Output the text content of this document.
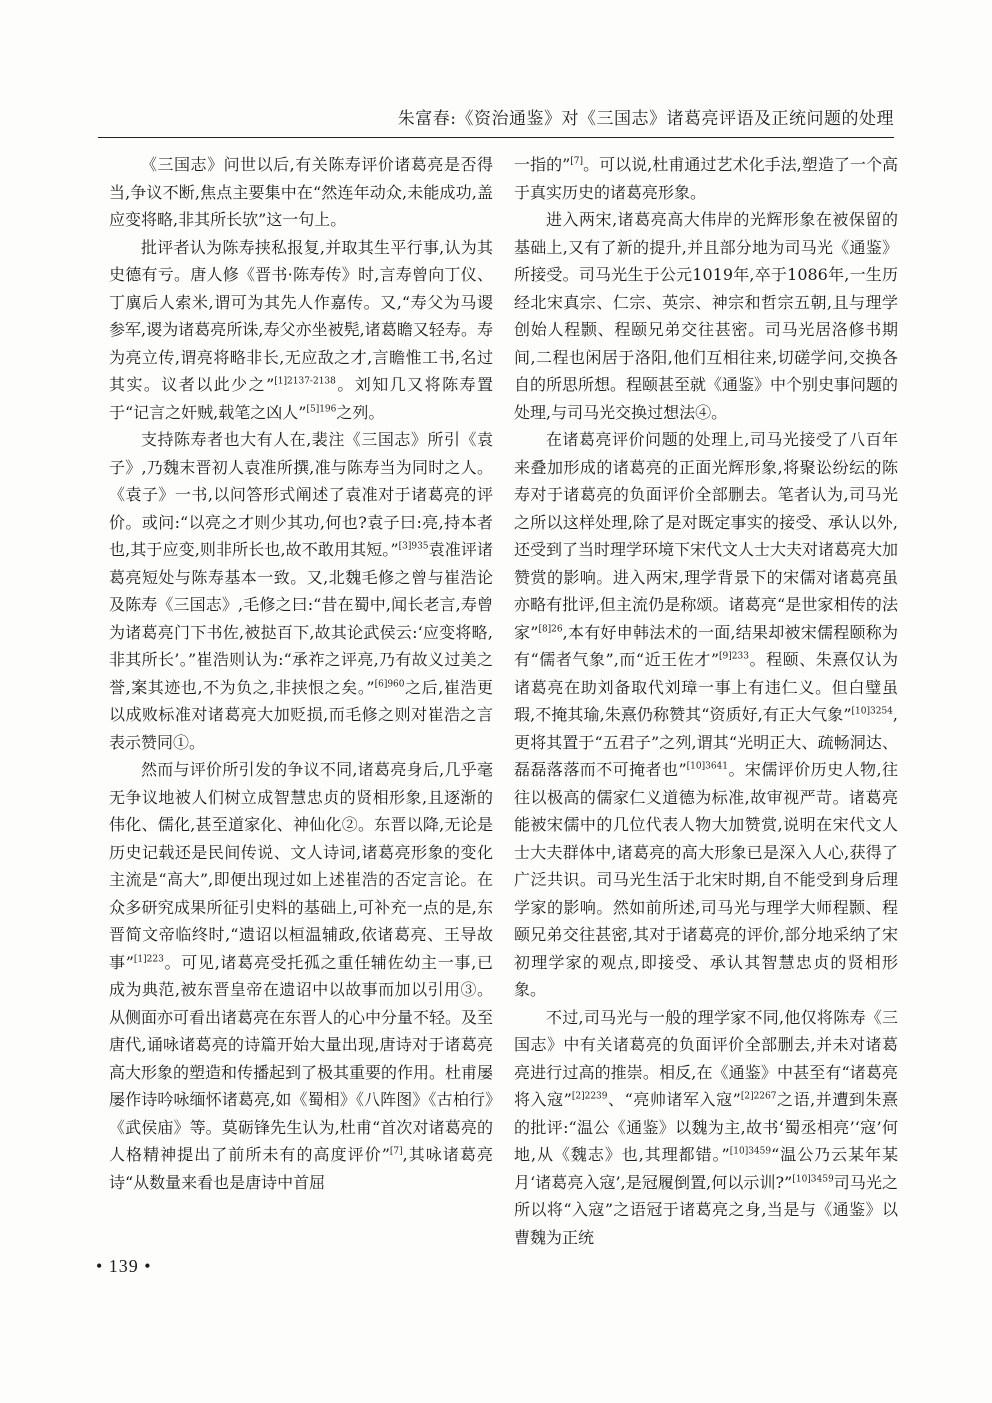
朱富春:《资治通鉴》对《三国志》诸葛亮评语及正统问题的处理

《三国志》问世以后,有关陈寿评价诸葛亮是否得当,争议不断,焦点主要集中在“然连年动众,未能成功,盖应变将略,非其所长欤”这一句上。

批评者认为陈寿挟私报复,并取其生平行事,认为其史德有亏。唐人修《晋书·陈寿传》时,言寿曾向丁仪、丁廙后人索米,谓可为其先人作嘉传。又,“寿父为马谡参军,谡为诸葛亮所诛,寿父亦坐被髡,诸葛瞻又轻寿。寿为亮立传,谓亮将略非长,无应敌之才,言瞻惟工书,名过其实。议者以此少之”$^{[1]2137-2138}$。刘知几又将陈寿置于“记言之奸贼,载笔之凶人”$^{[5]196}$之列。

支持陈寿者也大有人在,裴注《三国志》所引《袁子》,乃魏末晋初人袁准所撰,准与陈寿当为同时之人。《袁子》一书,以问答形式阐述了袁准对于诸葛亮的评价。或问:“以亮之才则少其功,何也?袁子曰:亮,持本者也,其于应变,则非所长也,故不敢用其短。”$^{[3]935}$袁准评诸葛亮短处与陈寿基本一致。又,北魏毛修之曾与崔浩论及陈寿《三国志》,毛修之曰:“昔在蜀中,闻长老言,寿曾为诸葛亮门下书佐,被挞百下,故其论武侯云:‘应变将略,非其所长’。”崔浩则认为:“承祚之评亮,乃有故义过美之誉,案其迹也,不为负之,非挟恨之矣。”$^{[6]960}$之后,崔浩更以成败标准对诸葛亮大加贬损,而毛修之则对崔浩之言表示赞同①。

然而与评价所引发的争议不同,诸葛亮身后,几乎毫无争议地被人们树立成智慧忠贞的贤相形象,且逐渐的伟化、儒化,甚至道家化、神仙化②。东晋以降,无论是历史记载还是民间传说、文人诗词,诸葛亮形象的变化主流是“高大”,即便出现过如上述崔浩的否定言论。在众多研究成果所征引史料的基础上,可补充一点的是,东晋简文帝临终时,“遗诏以桓温辅政,依诸葛亮、王导故事”$^{[1]223}$。可见,诸葛亮受托孤之重任辅佐幼主一事,已成为典范,被东晋皇帝在遗诏中以故事而加以引用③。从侧面亦可看出诸葛亮在东晋人的心中分量不轻。及至唐代,诵咏诸葛亮的诗篇开始大量出现,唐诗对于诸葛亮高大形象的塑造和传播起到了极其重要的作用。杜甫屡屡作诗吟咏缅怀诸葛亮,如《蜀相》《八阵图》《古柏行》《武侯庙》等。莫砺锋先生认为,杜甫“首次对诸葛亮的人格精神提出了前所未有的高度评价”[7],其咏诸葛亮诗“从数量来看也是唐诗中首屈

一指的”[7]。可以说,杜甫通过艺术化手法,塑造了一个高于真实历史的诸葛亮形象。

进入两宋,诸葛亮高大伟岸的光辉形象在被保留的基础上,又有了新的提升,并且部分地为司马光《通鉴》所接受。司马光生于公元1019年,卒于1086年,一生历经北宋真宗、仁宗、英宗、神宗和哲宗五朝,且与理学创始人程颢、程颐兄弟交往甚密。司马光居洛修书期间,二程也闲居于洛阳,他们互相往来,切磋学问,交换各自的所思所想。程颐甚至就《通鉴》中个别史事问题的处理,与司马光交换过想法④。

在诸葛亮评价问题的处理上,司马光接受了八百年来叠加形成的诸葛亮的正面光辉形象,将聚讼纷纭的陈寿对于诸葛亮的负面评价全部删去。笔者认为,司马光之所以这样处理,除了是对既定事实的接受、承认以外,还受到了当时理学环境下宋代文人士大夫对诸葛亮大加赞赏的影响。进入两宋,理学背景下的宋儒对诸葛亮虽亦略有批评,但主流仍是称颂。诸葛亮“是世家相传的法家”$^{[8]26}$,本有好申韩法术的一面,结果却被宋儒程颐称为有“儒者气象”,而“近王佐才”$^{[9]233}$。程颐、朱熹仅认为诸葛亮在助刘备取代刘璋一事上有违仁义。但白璧虽瑕,不掩其瑜,朱熹仍称赞其“资质好,有正大气象”$^{[10]3254}$,更将其置于“五君子”之列,谓其“光明正大、疏畅洞达、磊磊落落而不可掩者也”$^{[10]3641}$。宋儒评价历史人物,往往以极高的儒家仁义道德为标准,故审视严苛。诸葛亮能被宋儒中的几位代表人物大加赞赏,说明在宋代文人士大夫群体中,诸葛亮的高大形象已是深入人心,获得了广泛共识。司马光生活于北宋时期,自不能受到身后理学家的影响。然如前所述,司马光与理学大师程颢、程颐兄弟交往甚密,其对于诸葛亮的评价,部分地采纳了宋初理学家的观点,即接受、承认其智慧忠贞的贤相形象。

不过,司马光与一般的理学家不同,他仅将陈寿《三国志》中有关诸葛亮的负面评价全部删去,并未对诸葛亮进行过高的推崇。相反,在《通鉴》中甚至有“诸葛亮将入寇”$^{[2]2239}$、“亮帅诸军入寇”$^{[2]2267}$之语,并遭到朱熹的批评:“温公《通鉴》以魏为主,故书‘蜀丞相亮’‘寇’何地,从《魏志》也,其理都错。”$^{[10]3459}$“温公乃云某年某月‘诸葛亮入寇’,是冠履倒置,何以示训?”$^{[10]3459}$司马光之所以将“入寇”之语冠于诸葛亮之身,当是与《通鉴》以曹魏为正统

• 139 •
